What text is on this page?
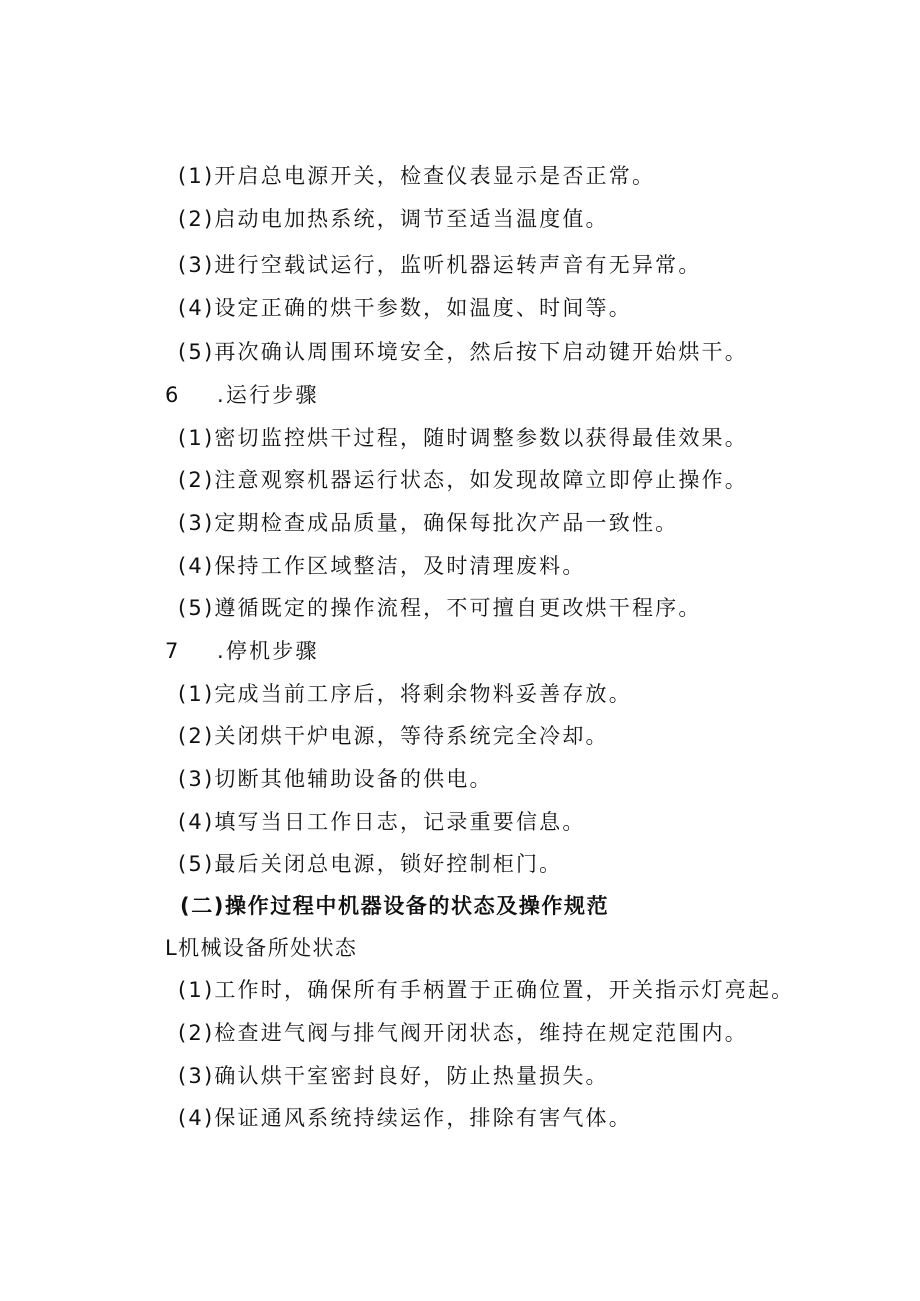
(1)开启总电源开关，检查仪表显示是否正常。
(2)启动电加热系统，调节至适当温度值。
(3)进行空载试运行，监听机器运转声音有无异常。
(4)设定正确的烘干参数，如温度、时间等。
(5)再次确认周围环境安全，然后按下启动键开始烘干。
6 .运行步骤
(1)密切监控烘干过程，随时调整参数以获得最佳效果。
(2)注意观察机器运行状态，如发现故障立即停止操作。
(3)定期检查成品质量，确保每批次产品一致性。
(4)保持工作区域整洁，及时清理废料。
(5)遵循既定的操作流程，不可擅自更改烘干程序。
7 .停机步骤
(1)完成当前工序后，将剩余物料妥善存放。
(2)关闭烘干炉电源，等待系统完全冷却。
(3)切断其他辅助设备的供电。
(4)填写当日工作日志，记录重要信息。
(5)最后关闭总电源，锁好控制柜门。
(二)操作过程中机器设备的状态及操作规范
L机械设备所处状态
(1)工作时，确保所有手柄置于正确位置，开关指示灯亮起。
(2)检查进气阀与排气阀开闭状态，维持在规定范围内。
(3)确认烘干室密封良好，防止热量损失。
(4)保证通风系统持续运作，排除有害气体。
